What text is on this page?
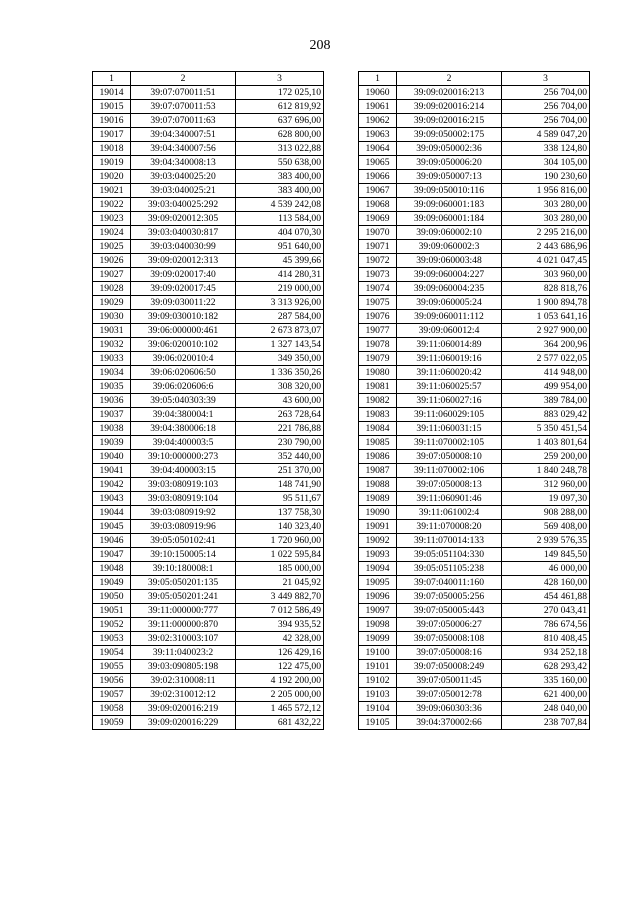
208
1	2	3
19014	39:07:070011:51	172 025,10
19015	39:07:070011:53	612 819,92
19016	39:07:070011:63	637 696,00
19017	39:04:340007:51	628 800,00
19018	39:04:340007:56	313 022,88
19019	39:04:340008:13	550 638,00
19020	39:03:040025:20	383 400,00
19021	39:03:040025:21	383 400,00
19022	39:03:040025:292	4 539 242,08
19023	39:09:020012:305	113 584,00
19024	39:03:040030:817	404 070,30
19025	39:03:040030:99	951 640,00
19026	39:09:020012:313	45 399,66
19027	39:09:020017:40	414 280,31
19028	39:09:020017:45	219 000,00
19029	39:09:030011:22	3 313 926,00
19030	39:09:030010:182	287 584,00
19031	39:06:000000:461	2 673 873,07
19032	39:06:020010:102	1 327 143,54
19033	39:06:020010:4	349 350,00
19034	39:06:020606:50	1 336 350,26
19035	39:06:020606:6	308 320,00
19036	39:05:040303:39	43 600,00
19037	39:04:380004:1	263 728,64
19038	39:04:380006:18	221 786,88
19039	39:04:400003:5	230 790,00
19040	39:10:000000:273	352 440,00
19041	39:04:400003:15	251 370,00
19042	39:03:080919:103	148 741,90
19043	39:03:080919:104	95 511,67
19044	39:03:080919:92	137 758,30
19045	39:03:080919:96	140 323,40
19046	39:05:050102:41	1 720 960,00
19047	39:10:150005:14	1 022 595,84
19048	39:10:180008:1	185 000,00
19049	39:05:050201:135	21 045,92
19050	39:05:050201:241	3 449 882,70
19051	39:11:000000:777	7 012 586,49
19052	39:11:000000:870	394 935,52
19053	39:02:310003:107	42 328,00
19054	39:11:040023:2	126 429,16
19055	39:03:090805:198	122 475,00
19056	39:02:310008:11	4 192 200,00
19057	39:02:310012:12	2 205 000,00
19058	39:09:020016:219	1 465 572,12
19059	39:09:020016:229	681 432,22
1	2	3
19060	39:09:020016:213	256 704,00
19061	39:09:020016:214	256 704,00
19062	39:09:020016:215	256 704,00
19063	39:09:050002:175	4 589 047,20
19064	39:09:050002:36	338 124,80
19065	39:09:050006:20	304 105,00
19066	39:09:050007:13	190 230,60
19067	39:09:050010:116	1 956 816,00
19068	39:09:060001:183	303 280,00
19069	39:09:060001:184	303 280,00
19070	39:09:060002:10	2 295 216,00
19071	39:09:060002:3	2 443 686,96
19072	39:09:060003:48	4 021 047,45
19073	39:09:060004:227	303 960,00
19074	39:09:060004:235	828 818,76
19075	39:09:060005:24	1 900 894,78
19076	39:09:060011:112	1 053 641,16
19077	39:09:060012:4	2 927 900,00
19078	39:11:060014:89	364 200,96
19079	39:11:060019:16	2 577 022,05
19080	39:11:060020:42	414 948,00
19081	39:11:060025:57	499 954,00
19082	39:11:060027:16	389 784,00
19083	39:11:060029:105	883 029,42
19084	39:11:060031:15	5 350 451,54
19085	39:11:070002:105	1 403 801,64
19086	39:07:050008:10	259 200,00
19087	39:11:070002:106	1 840 248,78
19088	39:07:050008:13	312 960,00
19089	39:11:060901:46	19 097,30
19090	39:11:061002:4	908 288,00
19091	39:11:070008:20	569 408,00
19092	39:11:070014:133	2 939 576,35
19093	39:05:051104:330	149 845,50
19094	39:05:051105:238	46 000,00
19095	39:07:040011:160	428 160,00
19096	39:07:050005:256	454 461,88
19097	39:07:050005:443	270 043,41
19098	39:07:050006:27	786 674,56
19099	39:07:050008:108	810 408,45
19100	39:07:050008:16	934 252,18
19101	39:07:050008:249	628 293,42
19102	39:07:050011:45	335 160,00
19103	39:07:050012:78	621 400,00
19104	39:09:060303:36	248 040,00
19105	39:04:370002:66	238 707,84
